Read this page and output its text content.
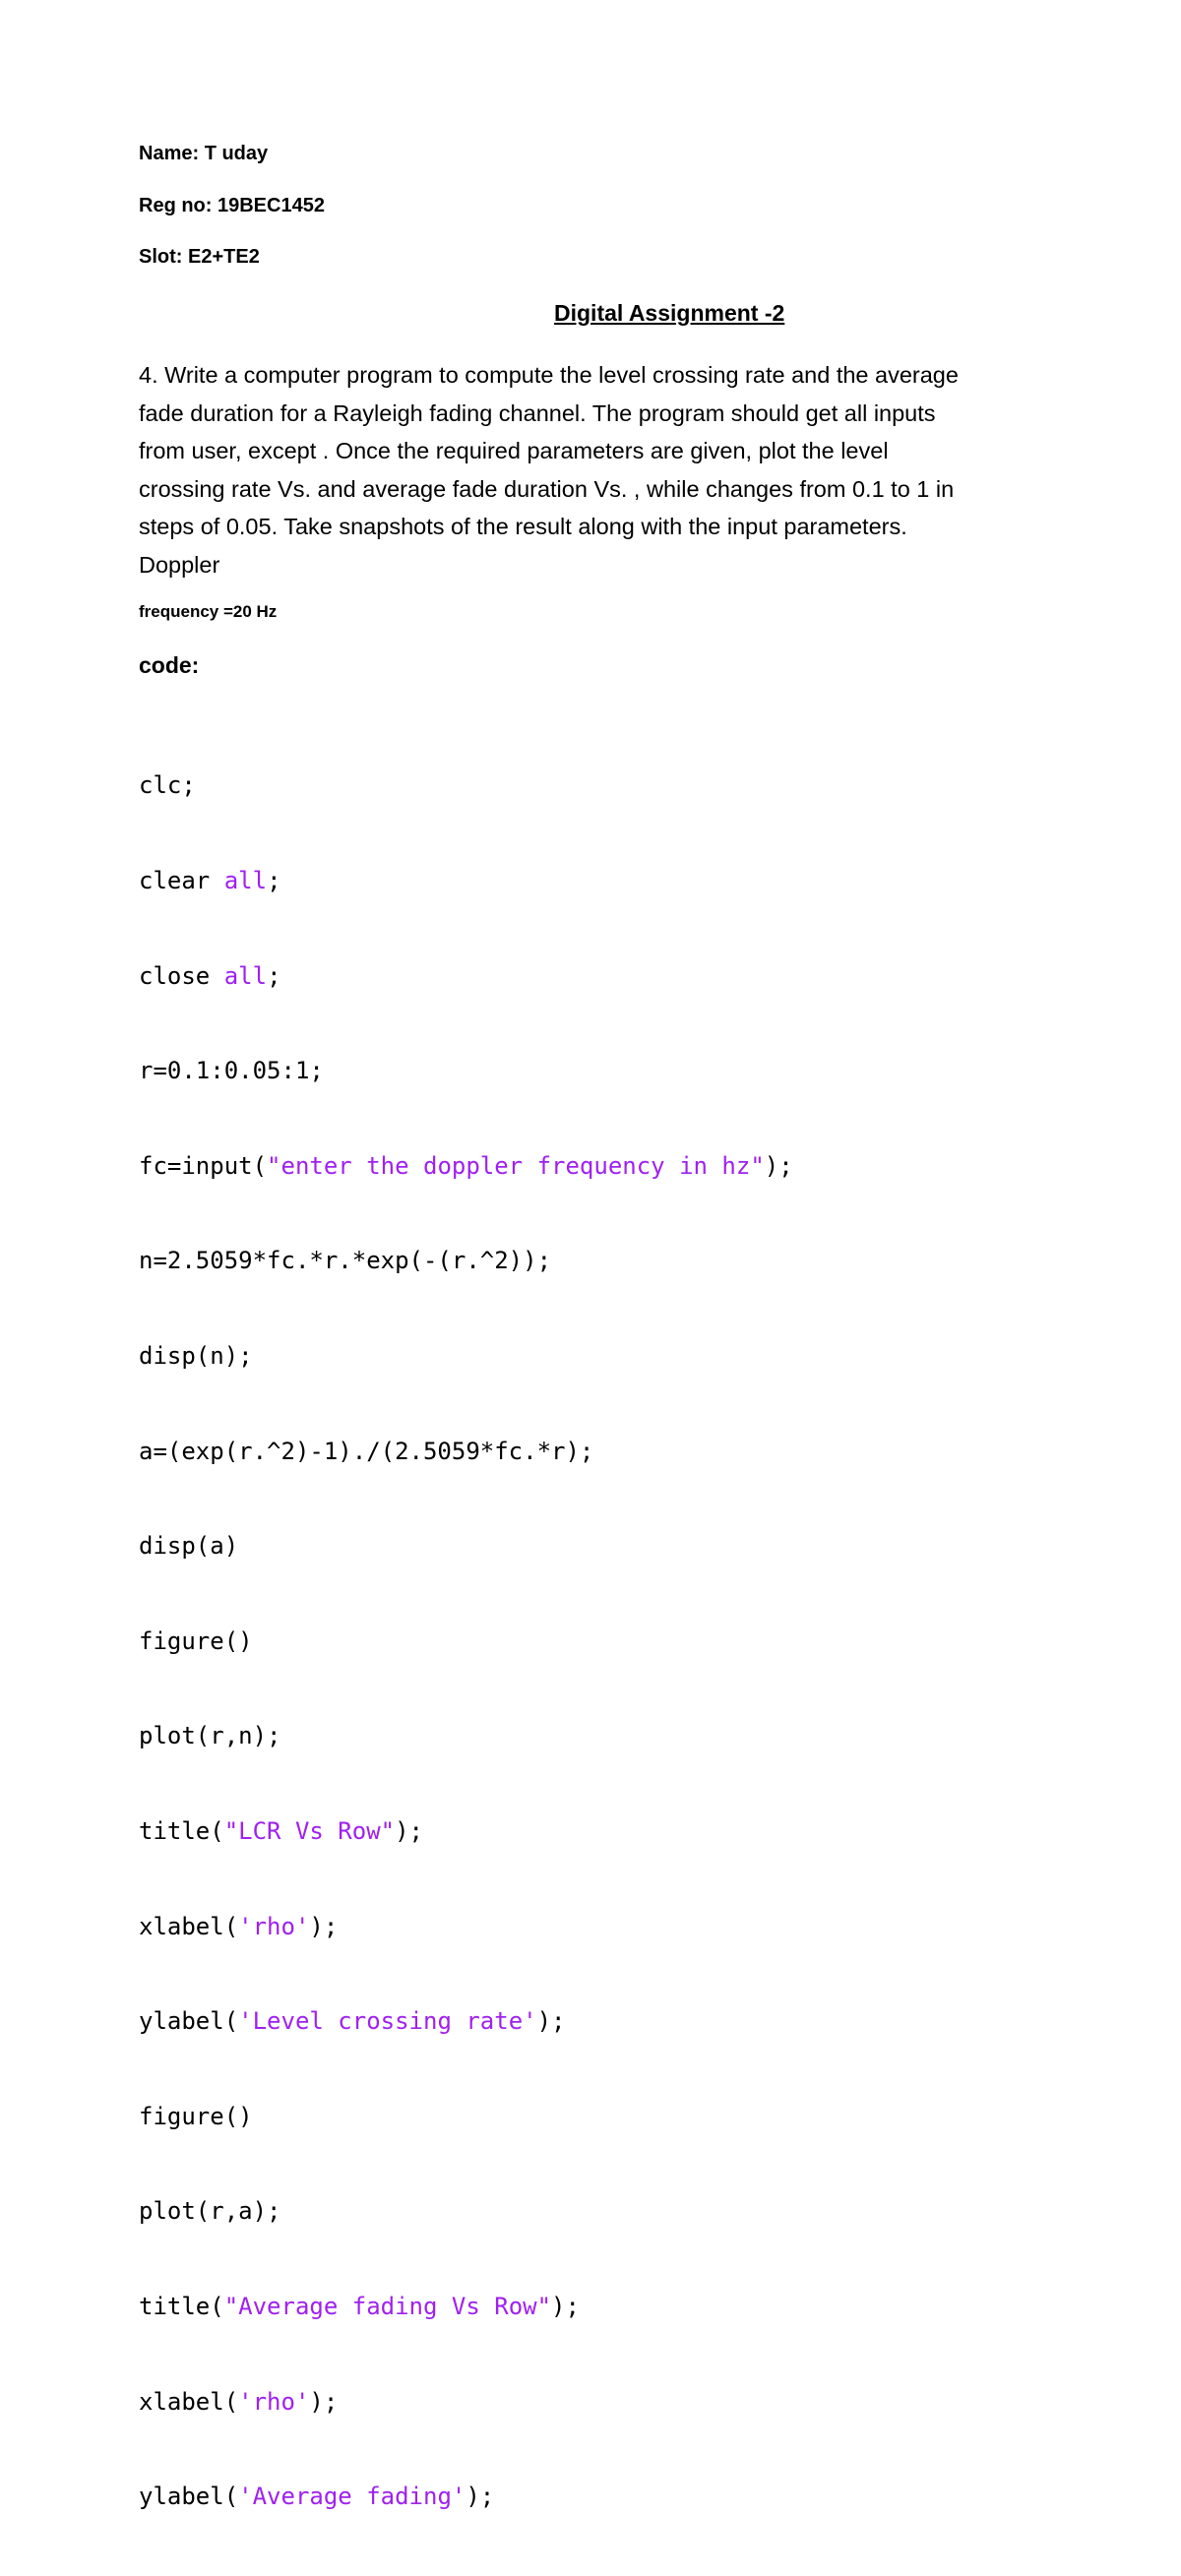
Name: T uday
Reg no: 19BEC1452
Slot: E2+TE2
Digital Assignment -2
4. Write a computer program to compute the level crossing rate and the average
fade duration for a Rayleigh fading channel. The program should get all inputs
from user, except . Once the required parameters are given, plot the level
crossing rate Vs. and average fade duration Vs. , while changes from 0.1 to 1 in
steps of 0.05. Take snapshots of the result along with the input parameters.
Doppler
frequency =20 Hz
code:

clc;

clear all;

close all;

r=0.1:0.05:1;

fc=input("enter the doppler frequency in hz");

n=2.5059*fc.*r.*exp(-(r.^2));

disp(n);

a=(exp(r.^2)-1)./(2.5059*fc.*r);

disp(a)

figure()

plot(r,n);

title("LCR Vs Row");

xlabel('rho');

ylabel('Level crossing rate');

figure()

plot(r,a);

title("Average fading Vs Row");

xlabel('rho');

ylabel('Average fading');
